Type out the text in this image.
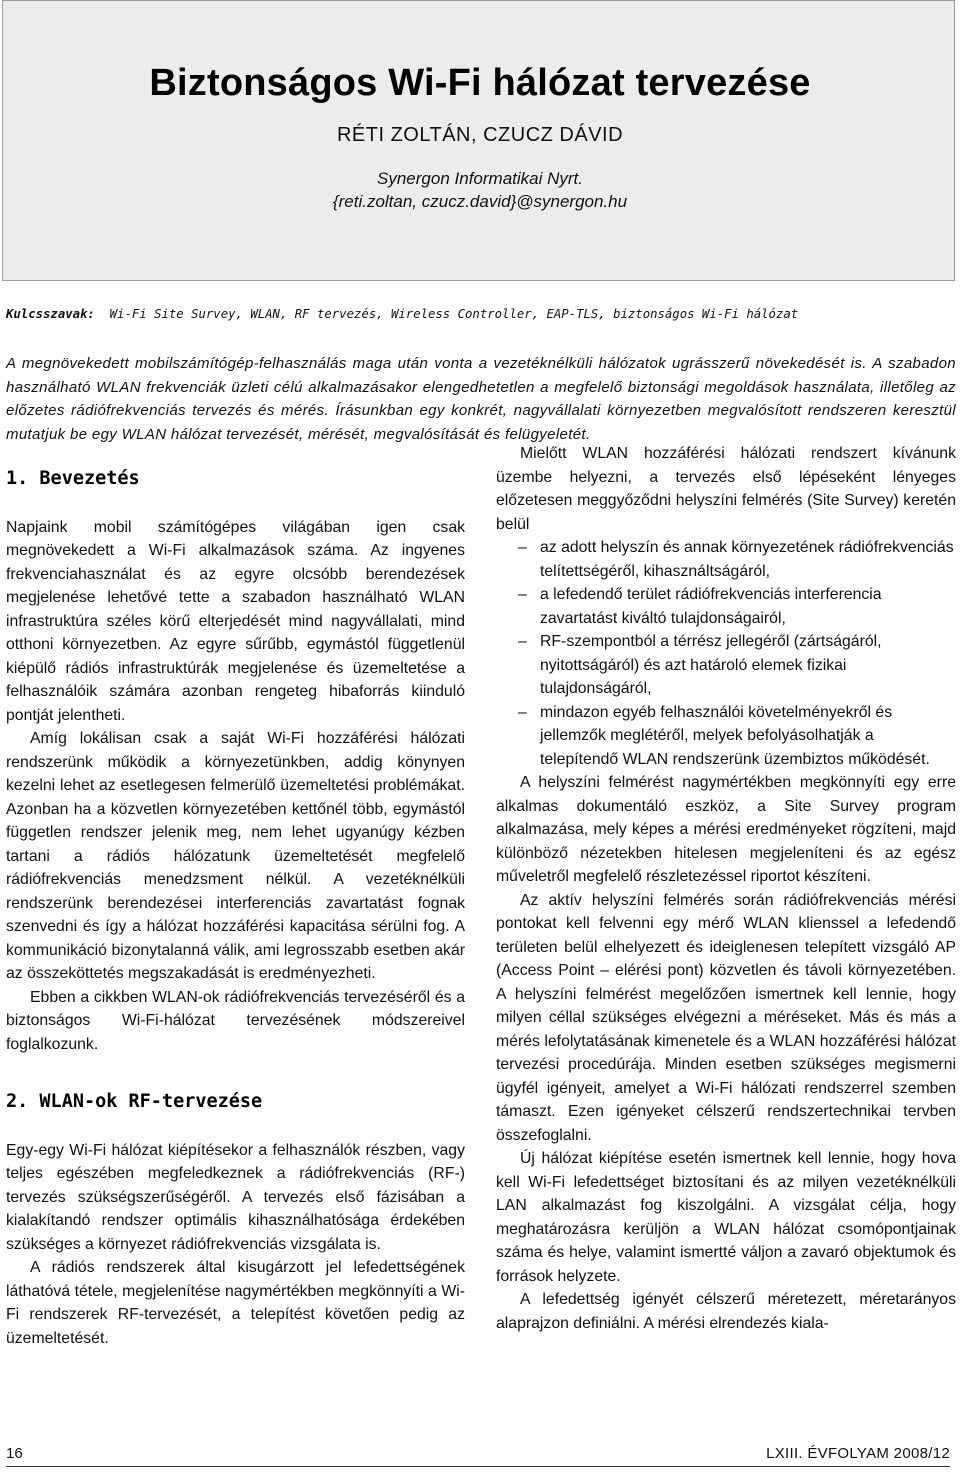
Biztonságos Wi-Fi hálózat tervezése
RÉTI ZOLTÁN, CZUCZ DÁVID
Synergon Informatikai Nyrt.
{reti.zoltan, czucz.david}@synergon.hu
Kulcsszavak: Wi-Fi Site Survey, WLAN, RF tervezés, Wireless Controller, EAP-TLS, biztonságos Wi-Fi hálózat
A megnövekedett mobilszámítógép-felhasználás maga után vonta a vezetéknélküli hálózatok ugrásszerű növekedését is. A szabadon használható WLAN frekvenciák üzleti célú alkalmazásakor elengedhetetlen a megfelelő biztonsági megoldások használata, illetőleg az előzetes rádiófrekvenciás tervezés és mérés. Írásunkban egy konkrét, nagyvállalati környezetben megvalósított rendszeren keresztül mutatjuk be egy WLAN hálózat tervezését, mérését, megvalósítását és felügyeletét.
1. Bevezetés

Napjaink mobil számítógépes világában igen csak megnövekedett a Wi-Fi alkalmazások száma. Az ingyenes frekvenciahasználat és az egyre olcsóbb berendezések megjelenése lehetővé tette a szabadon használható WLAN infrastruktúra széles körű elterjedését mind nagyvállalati, mind otthoni környezetben. Az egyre sűrűbb, egymástól függetlenül kiépülő rádiós infrastruktúrák megjelenése és üzemeltetése a felhasználóik számára azonban rengeteg hibaforrás kiinduló pontját jelentheti.

Amíg lokálisan csak a saját Wi-Fi hozzáférési hálózati rendszerünk működik a környezetünkben, addig könynyen kezelni lehet az esetlegesen felmerülő üzemeltetési problémákat. Azonban ha a közvetlen környezetében kettőnél több, egymástól független rendszer jelenik meg, nem lehet ugyanúgy kézben tartani a rádiós hálózatunk üzemeltetését megfelelő rádiófrekvenciás menedzsment nélkül. A vezetéknélküli rendszerünk berendezései interferenciás zavartatást fognak szenvedni és így a hálózat hozzáférési kapacitása sérülni fog. A kommunikáció bizonytalanná válik, ami legrosszabb esetben akár az összeköttetés megszakadását is eredményezheti.

Ebben a cikkben WLAN-ok rádiófrekvenciás tervezéséről és a biztonságos Wi-Fi-hálózat tervezésének módszereivel foglalkozunk.

2. WLAN-ok RF-tervezése

Egy-egy Wi-Fi hálózat kiépítésekor a felhasználók részben, vagy teljes egészében megfeledkeznek a rádiófrekvenciás (RF-) tervezés szükségszerűségéről. A tervezés első fázisában a kialakítandó rendszer optimális kihasználhatósága érdekében szükséges a környezet rádiófrekvenciás vizsgálata is.

A rádiós rendszerek által kisugárzott jel lefedettségének láthatóvá tétele, megjelenítése nagymértékben megkönnyíti a Wi-Fi rendszerek RF-tervezését, a telepítést követően pedig az üzemeltetését.

Mielőtt WLAN hozzáférési hálózati rendszert kívánunk üzembe helyezni, a tervezés első lépéseként lényeges előzetesen meggyőződni helyszíni felmérés (Site Survey) keretén belül

– az adott helyszín és annak környezetének rádiófrekvenciás telítettségéről, kihasználtságáról,
– a lefedendő terület rádiófrekvenciás interferencia zavartatást kiváltó tulajdonságairól,
– RF-szempontból a térrész jellegéről (zártságáról, nyitottságáról) és azt határoló elemek fizikai tulajdonságáról,
– mindazon egyéb felhasználói követelményekről és jellemzők meglétéről, melyek befolyásolhatják a telepítendő WLAN rendszerünk üzembiztos működését.

A helyszíni felmérést nagymértékben megkönnyíti egy erre alkalmas dokumentáló eszköz, a Site Survey program alkalmazása, mely képes a mérési eredményeket rögzíteni, majd különböző nézetekben hitelesen megjeleníteni és az egész műveletről megfelelő részletezéssel riportot készíteni.

Az aktív helyszíni felmérés során rádiófrekvenciás mérési pontokat kell felvenni egy mérő WLAN klienssel a lefedendő területen belül elhelyezett és ideiglenesen telepített vizsgáló AP (Access Point – elérési pont) közvetlen és távoli környezetében. A helyszíni felmérést megelőzően ismertnek kell lennie, hogy milyen céllal szükséges elvégezni a méréseket. Más és más a mérés lefolytatásának kimenetele és a WLAN hozzáférési hálózat tervezési procedúrája. Minden esetben szükséges megismerni ügyfél igényeit, amelyet a Wi-Fi hálózati rendszerrel szemben támaszt. Ezen igényeket célszerű rendszertechnikai tervben összefoglalni.

Új hálózat kiépítése esetén ismertnek kell lennie, hogy hova kell Wi-Fi lefedettséget biztosítani és az milyen vezetéknélküli LAN alkalmazást fog kiszolgálni. A vizsgálat célja, hogy meghatározásra kerüljön a WLAN hálózat csomópontjainak száma és helye, valamint ismertté váljon a zavaró objektumok és források helyzete.

A lefedettség igényét célszerű méretezett, méretarányos alaprajzon definiálni. A mérési elrendezés kiala-

16	LXIII. ÉVFOLYAM 2008/12
